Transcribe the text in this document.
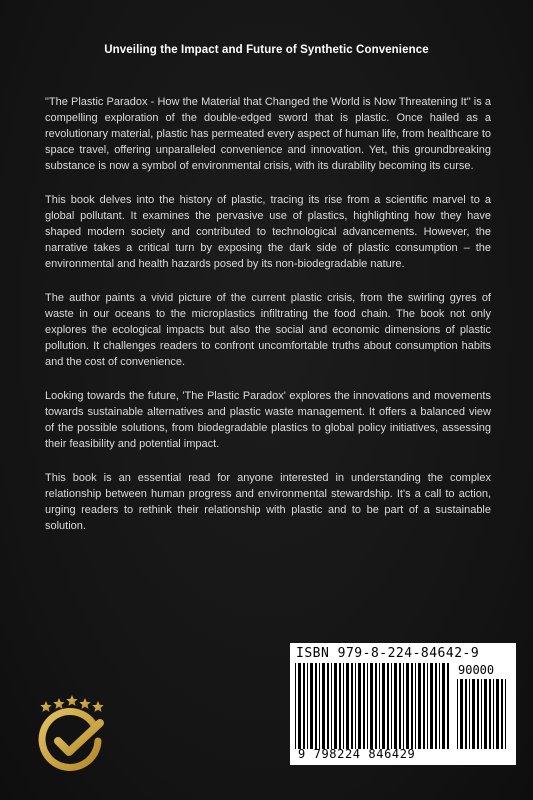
Unveiling the Impact and Future of Synthetic Convenience

"The Plastic Paradox - How the Material that Changed the World is Now Threatening It" is a compelling exploration of the double-edged sword that is plastic. Once hailed as a revolutionary material, plastic has permeated every aspect of human life, from healthcare to space travel, offering unparalleled convenience and innovation. Yet, this groundbreaking substance is now a symbol of environmental crisis, with its durability becoming its curse.

This book delves into the history of plastic, tracing its rise from a scientific marvel to a global pollutant. It examines the pervasive use of plastics, highlighting how they have shaped modern society and contributed to technological advancements. However, the narrative takes a critical turn by exposing the dark side of plastic consumption – the environmental and health hazards posed by its non-biodegradable nature.

The author paints a vivid picture of the current plastic crisis, from the swirling gyres of waste in our oceans to the microplastics infiltrating the food chain. The book not only explores the ecological impacts but also the social and economic dimensions of plastic pollution. It challenges readers to confront uncomfortable truths about consumption habits and the cost of convenience.

Looking towards the future, 'The Plastic Paradox' explores the innovations and movements towards sustainable alternatives and plastic waste management. It offers a balanced view of the possible solutions, from biodegradable plastics to global policy initiatives, assessing their feasibility and potential impact.

This book is an essential read for anyone interested in understanding the complex relationship between human progress and environmental stewardship. It's a call to action, urging readers to rethink their relationship with plastic and to be part of a sustainable solution.

ISBN 979-8-224-84642-9
90000
9 798224 846429
